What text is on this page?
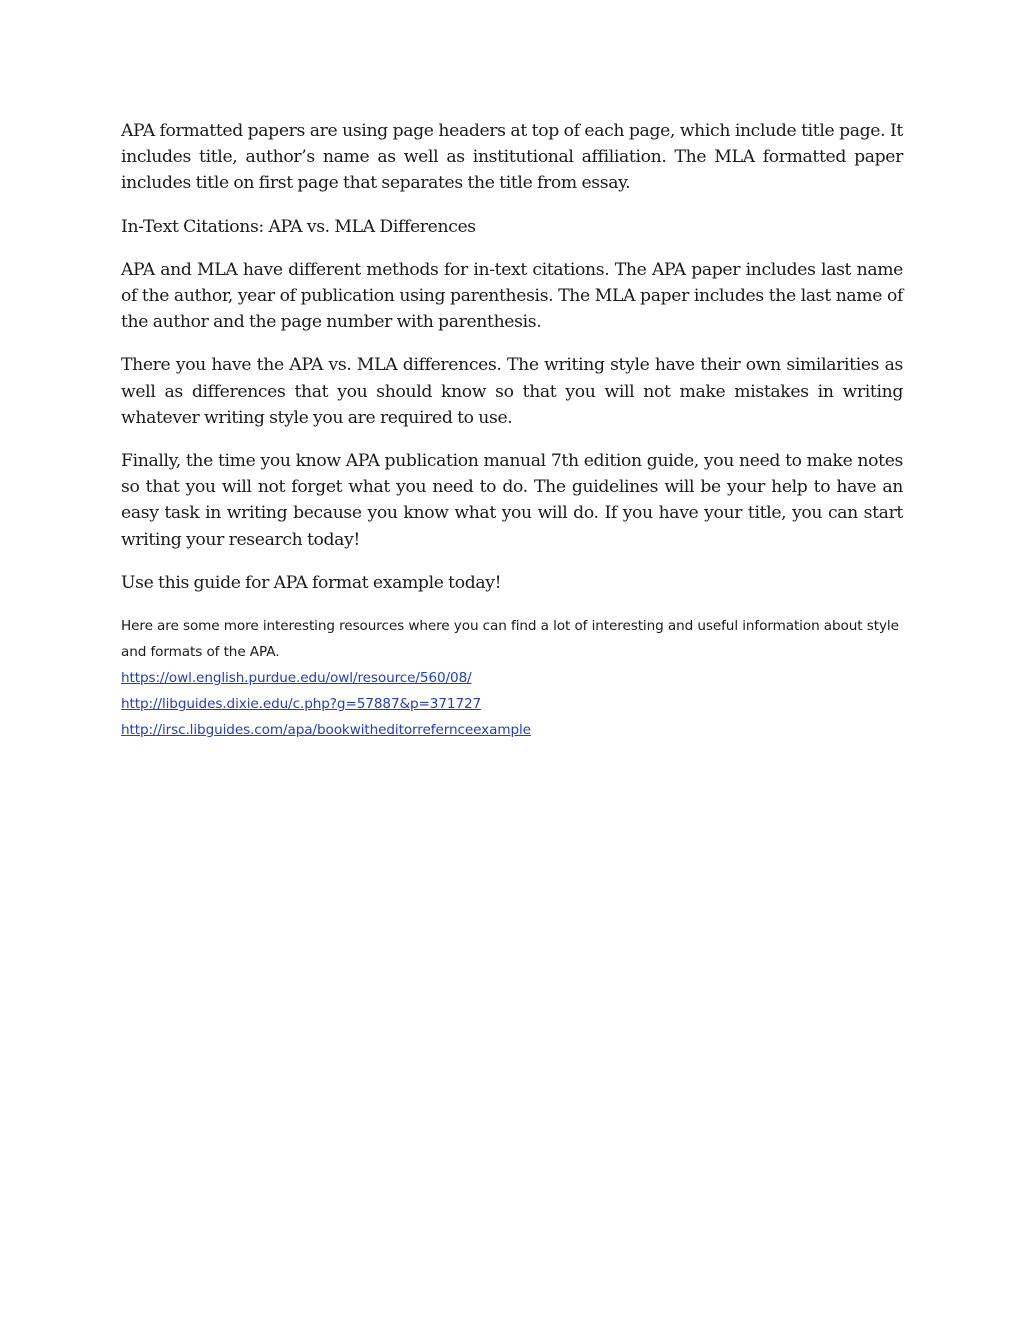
APA formatted papers are using page headers at top of each page, which include title page. It includes title, author’s name as well as institutional affiliation. The MLA formatted paper includes title on first page that separates the title from essay.

In-Text Citations: APA vs. MLA Differences

APA and MLA have different methods for in-text citations. The APA paper includes last name of the author, year of publication using parenthesis. The MLA paper includes the last name of the author and the page number with parenthesis.

There you have the APA vs. MLA differences. The writing style have their own similarities as well as differences that you should know so that you will not make mistakes in writing whatever writing style you are required to use.

Finally, the time you know APA publication manual 7th edition guide, you need to make notes so that you will not forget what you need to do. The guidelines will be your help to have an easy task in writing because you know what you will do. If you have your title, you can start writing your research today!

Use this guide for APA format example today!

Here are some more interesting resources where you can find a lot of interesting and useful information about style and formats of the APA.

https://owl.english.purdue.edu/owl/resource/560/08/
http://libguides.dixie.edu/c.php?g=57887&p=371727
http://irsc.libguides.com/apa/bookwitheditorrefernceexample
